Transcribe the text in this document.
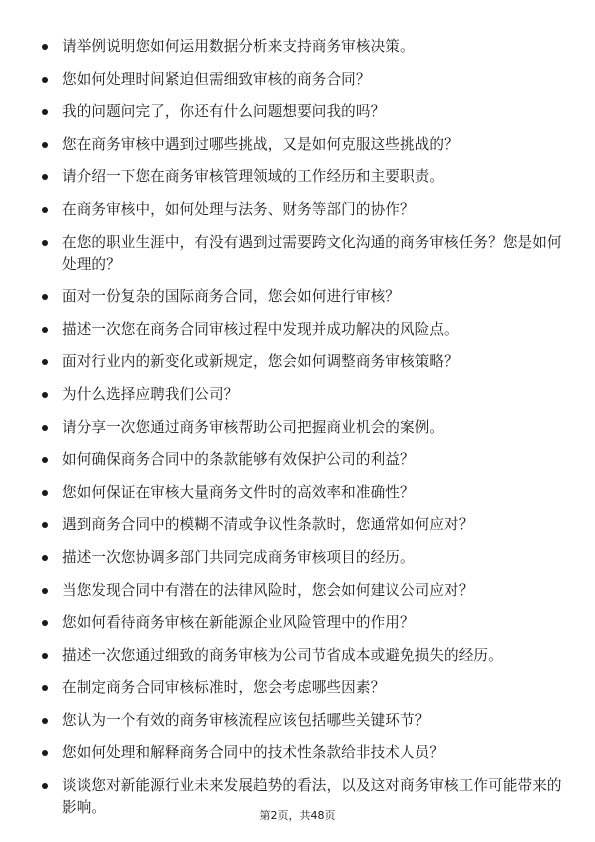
请举例说明您如何运用数据分析来支持商务审核决策。
您如何处理时间紧迫但需细致审核的商务合同？
我的问题问完了，你还有什么问题想要问我的吗？
您在商务审核中遇到过哪些挑战，又是如何克服这些挑战的？
请介绍一下您在商务审核管理领域的工作经历和主要职责。
在商务审核中，如何处理与法务、财务等部门的协作？
在您的职业生涯中，有没有遇到过需要跨文化沟通的商务审核任务？您是如何处理的？
面对一份复杂的国际商务合同，您会如何进行审核？
描述一次您在商务合同审核过程中发现并成功解决的风险点。
面对行业内的新变化或新规定，您会如何调整商务审核策略？
为什么选择应聘我们公司？
请分享一次您通过商务审核帮助公司把握商业机会的案例。
如何确保商务合同中的条款能够有效保护公司的利益？
您如何保证在审核大量商务文件时的高效率和准确性？
遇到商务合同中的模糊不清或争议性条款时，您通常如何应对？
描述一次您协调多部门共同完成商务审核项目的经历。
当您发现合同中有潜在的法律风险时，您会如何建议公司应对？
您如何看待商务审核在新能源企业风险管理中的作用？
描述一次您通过细致的商务审核为公司节省成本或避免损失的经历。
在制定商务合同审核标准时，您会考虑哪些因素？
您认为一个有效的商务审核流程应该包括哪些关键环节？
您如何处理和解释商务合同中的技术性条款给非技术人员？
谈谈您对新能源行业未来发展趋势的看法，以及这对商务审核工作可能带来的影响。	第2页，共48页
